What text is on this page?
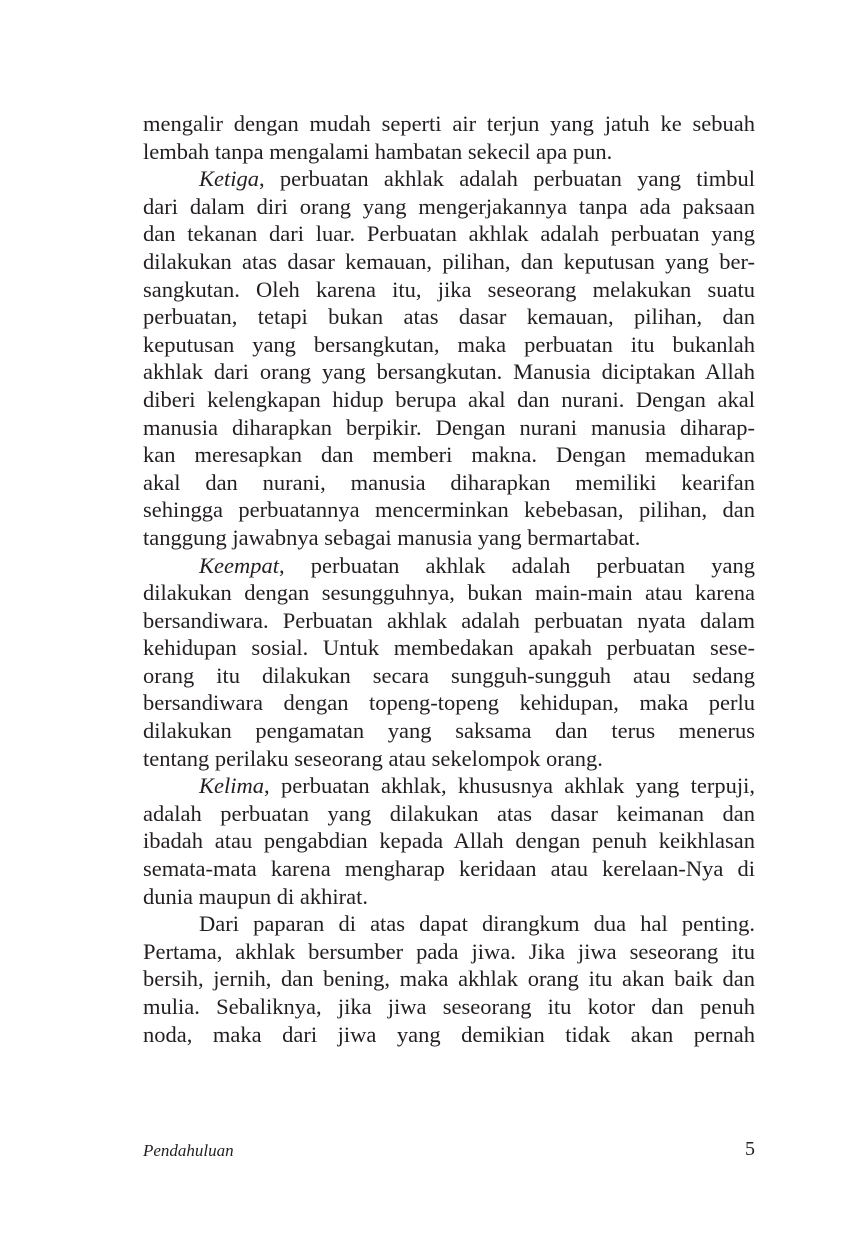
mengalir dengan mudah seperti air terjun yang jatuh ke sebuah
lembah tanpa mengalami hambatan sekecil apa pun.
Ketiga, perbuatan akhlak adalah perbuatan yang timbul
dari dalam diri orang yang mengerjakannya tanpa ada paksaan
dan tekanan dari luar. Perbuatan akhlak adalah perbuatan yang
dilakukan atas dasar kemauan, pilihan, dan keputusan yang ber-
sangkutan. Oleh karena itu, jika seseorang melakukan suatu
perbuatan, tetapi bukan atas dasar kemauan, pilihan, dan
keputusan yang bersangkutan, maka perbuatan itu bukanlah
akhlak dari orang yang bersangkutan. Manusia diciptakan Allah
diberi kelengkapan hidup berupa akal dan nurani. Dengan akal
manusia diharapkan berpikir. Dengan nurani manusia diharap-
kan meresapkan dan memberi makna. Dengan memadukan
akal dan nurani, manusia diharapkan memiliki kearifan
sehingga perbuatannya mencerminkan kebebasan, pilihan, dan
tanggung jawabnya sebagai manusia yang bermartabat.
Keempat, perbuatan akhlak adalah perbuatan yang
dilakukan dengan sesungguhnya, bukan main-main atau karena
bersandiwara. Perbuatan akhlak adalah perbuatan nyata dalam
kehidupan sosial. Untuk membedakan apakah perbuatan sese-
orang itu dilakukan secara sungguh-sungguh atau sedang
bersandiwara dengan topeng-topeng kehidupan, maka perlu
dilakukan pengamatan yang saksama dan terus menerus
tentang perilaku seseorang atau sekelompok orang.
Kelima, perbuatan akhlak, khususnya akhlak yang terpuji,
adalah perbuatan yang dilakukan atas dasar keimanan dan
ibadah atau pengabdian kepada Allah dengan penuh keikhlasan
semata-mata karena mengharap keridaan atau kerelaan-Nya di
dunia maupun di akhirat.
Dari paparan di atas dapat dirangkum dua hal penting.
Pertama, akhlak bersumber pada jiwa. Jika jiwa seseorang itu
bersih, jernih, dan bening, maka akhlak orang itu akan baik dan
mulia. Sebaliknya, jika jiwa seseorang itu kotor dan penuh
noda, maka dari jiwa yang demikian tidak akan pernah
Pendahuluan	5
